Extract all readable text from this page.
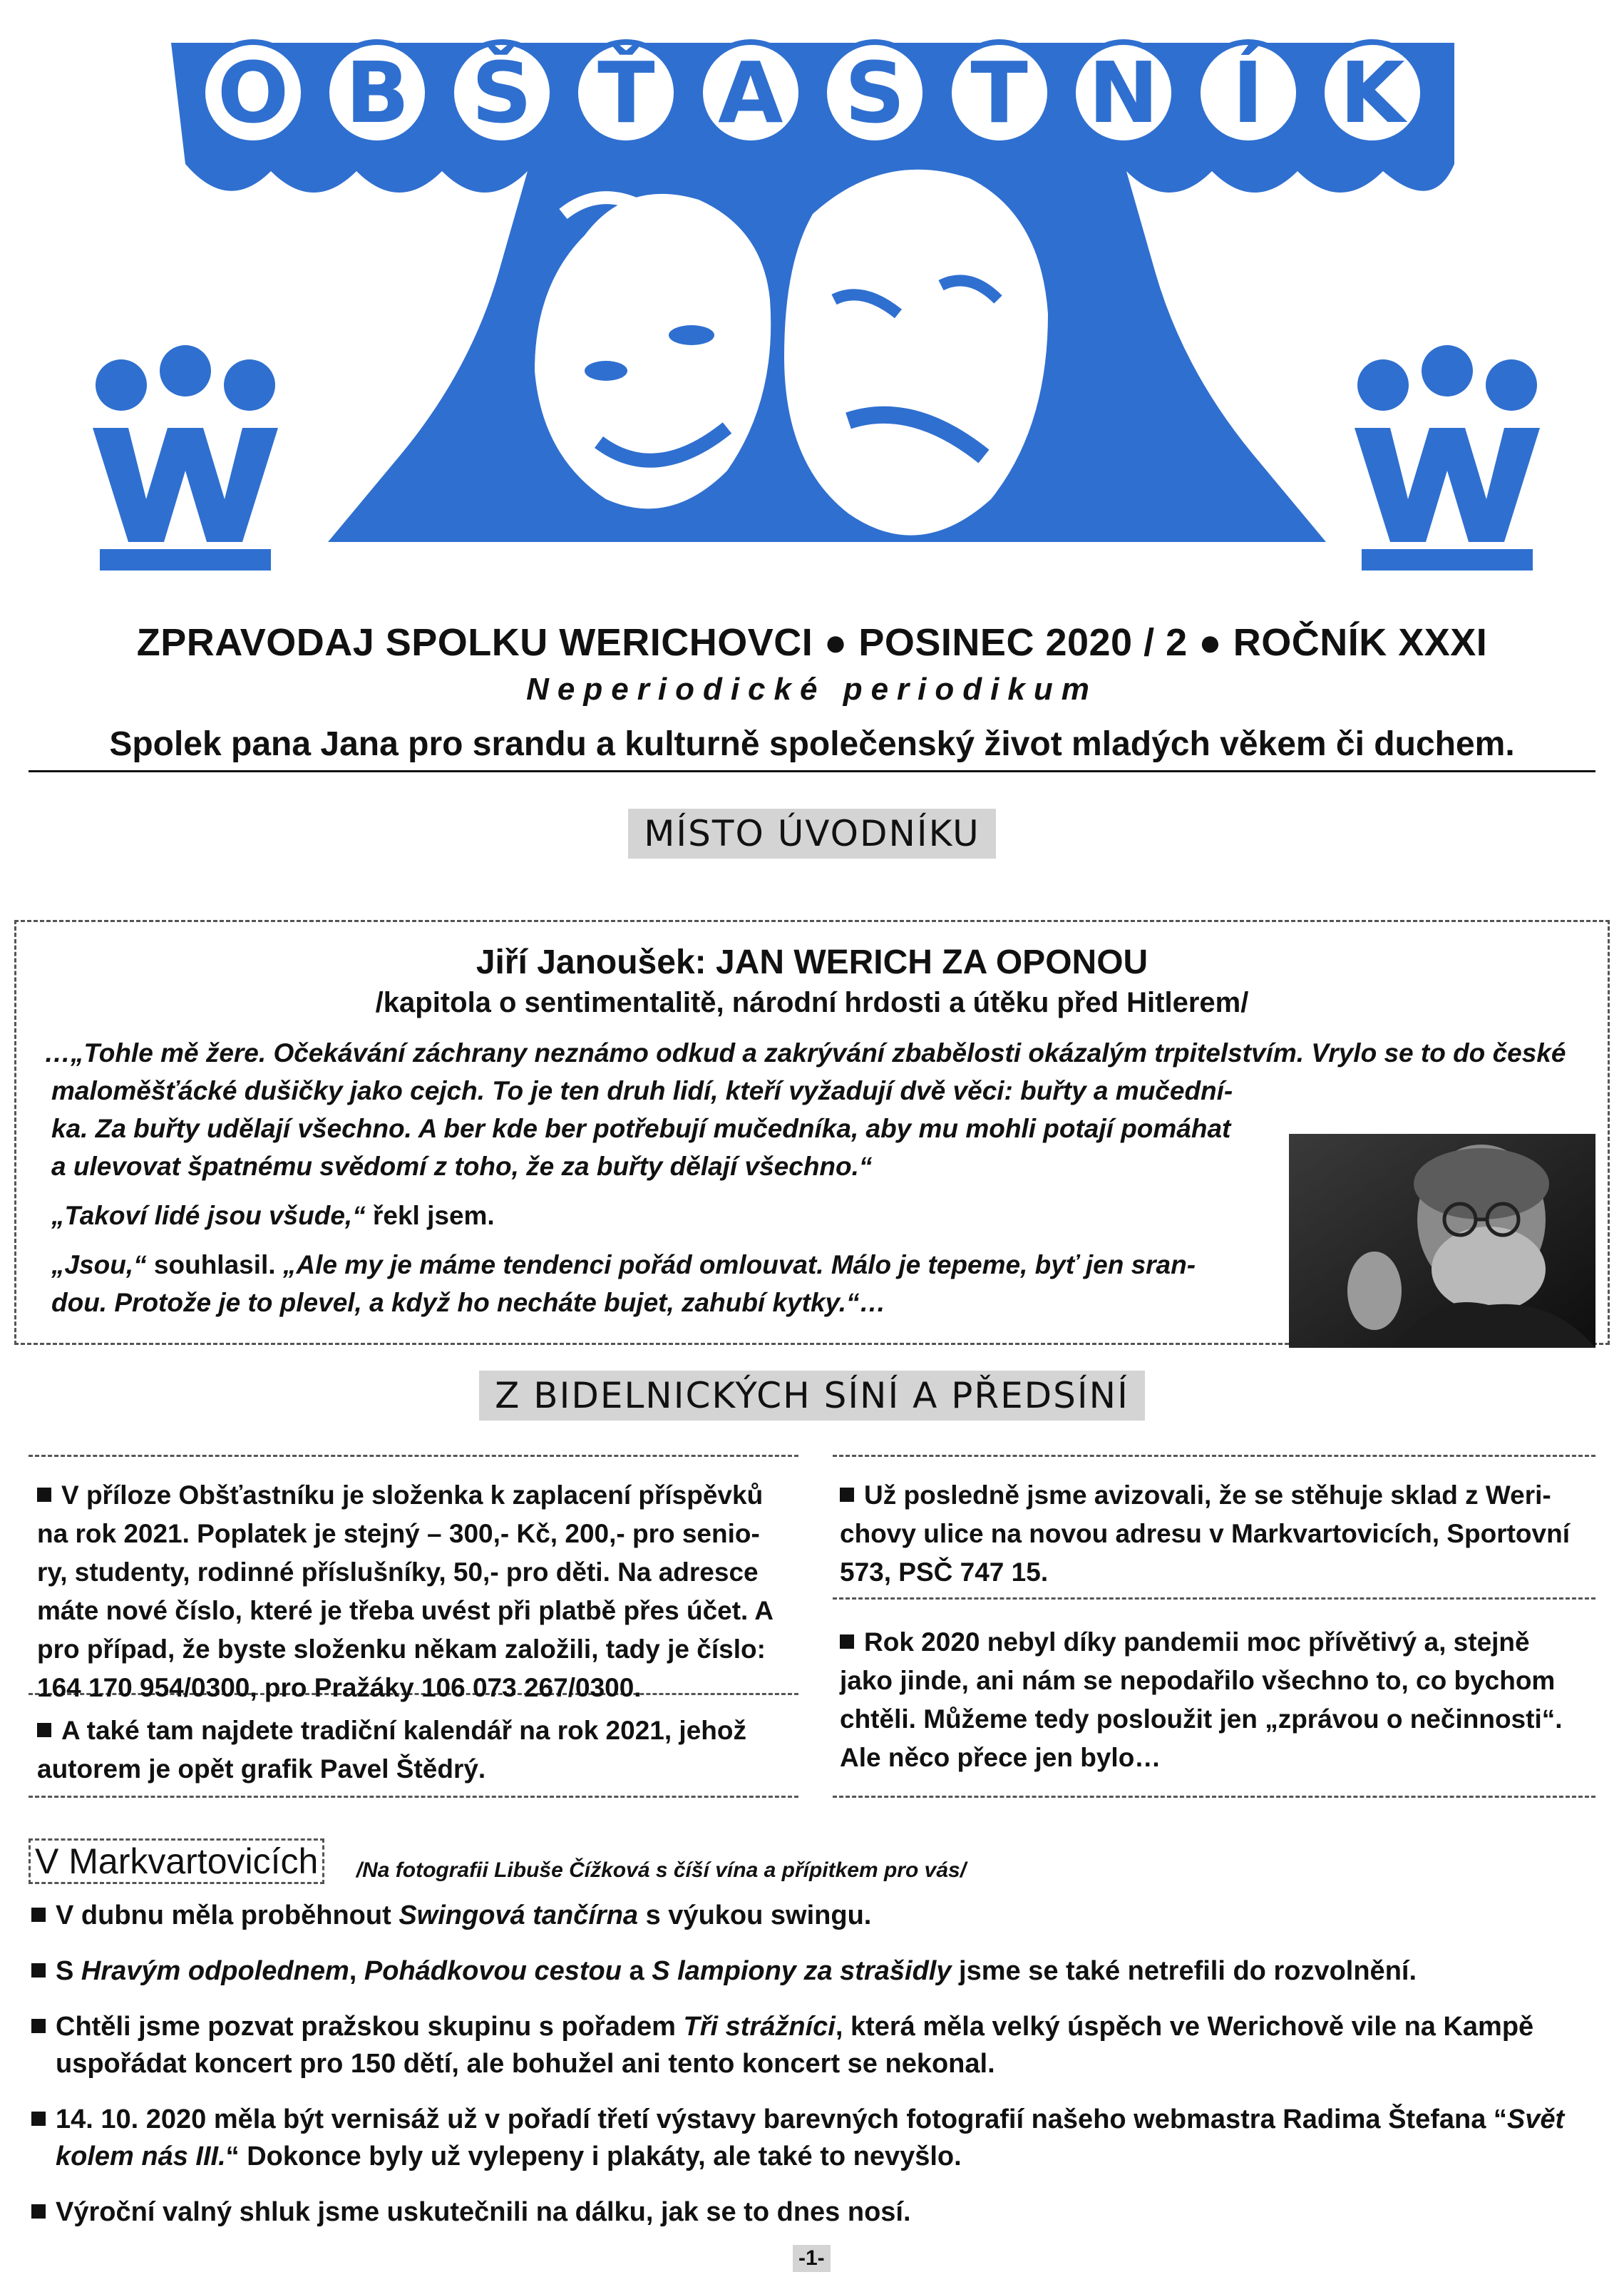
O B Š Ť A S T N Í K
ZPRAVODAJ SPOLKU WERICHOVCI ● POSINEC 2020 / 2 ● ROČNÍK XXXI
Neperiodické periodikum
Spolek pana Jana pro srandu a kulturně společenský život mladých věkem či duchem.
MÍSTO ÚVODNÍKU
Jiří Janoušek: JAN WERICH ZA OPONOU
/kapitola o sentimentalitě, národní hrdosti a útěku před Hitlerem/

…„Tohle mě žere. Očekávání záchrany neznámo odkud a zakrývání zbabělosti okázalým trpitelstvím. Vrylo se to do české

maloměšťácké dušičky jako cejch. To je ten druh lidí, kteří vyžadují dvě věci: buřty a mučední-

ka. Za buřty udělají všechno. A ber kde ber potřebují mučedníka, aby mu mohli potají pomáhat

a ulevovat špatnému svědomí z toho, že za buřty dělají všechno.“

„Takoví lidé jsou všude,“ řekl jsem.

„Jsou,“ souhlasil. „Ale my je máme tendenci pořád omlouvat. Málo je tepeme, byť jen sran-

dou. Protože je to plevel, a když ho necháte bujet, zahubí kytky.“…

Z BIDELNICKÝCH SÍNÍ A PŘEDSÍNÍ
V příloze Obšťastníku je složenka k zaplacení příspěvků
na rok 2021. Poplatek je stejný – 300,- Kč, 200,- pro senio-
ry, studenty, rodinné příslušníky, 50,- pro děti. Na adresce
máte nové číslo, které je třeba uvést při platbě přes účet. A
pro případ, že byste složenku někam založili, tady je číslo:
164 170 954/0300, pro Pražáky 106 073 267/0300.
A také tam najdete tradiční kalendář na rok 2021, jehož
autorem je opět grafik Pavel Štědrý.
Už posledně jsme avizovali, že se stěhuje sklad z Weri-
chovy ulice na novou adresu v Markvartovicích, Sportovní
573, PSČ 747 15.
Rok 2020 nebyl díky pandemii moc přívětivý a, stejně
jako jinde, ani nám se nepodařilo všechno to, co bychom
chtěli. Můžeme tedy posloužit jen „zprávou o nečinnosti“.
Ale něco přece jen bylo…
V Markvartovicích /Na fotografii Libuše Čížková s číší vína a přípitkem pro vás/
V dubnu měla proběhnout Swingová tančírna s výukou swingu.
S Hravým odpolednem, Pohádkovou cestou a S lampiony za strašidly jsme se také netrefili do rozvolnění.
Chtěli jsme pozvat pražskou skupinu s pořadem Tři strážníci, která měla velký úspěch ve Werichově vile na Kampě
uspořádat koncert pro 150 dětí, ale bohužel ani tento koncert se nekonal.
14. 10. 2020 měla být vernisáž už v pořadí třetí výstavy barevných fotografií našeho webmastra Radima Štefana “Svět
kolem nás III.“ Dokonce byly už vylepeny i plakáty, ale také to nevyšlo.
Výroční valný shluk jsme uskutečnili na dálku, jak se to dnes nosí.
-1-
